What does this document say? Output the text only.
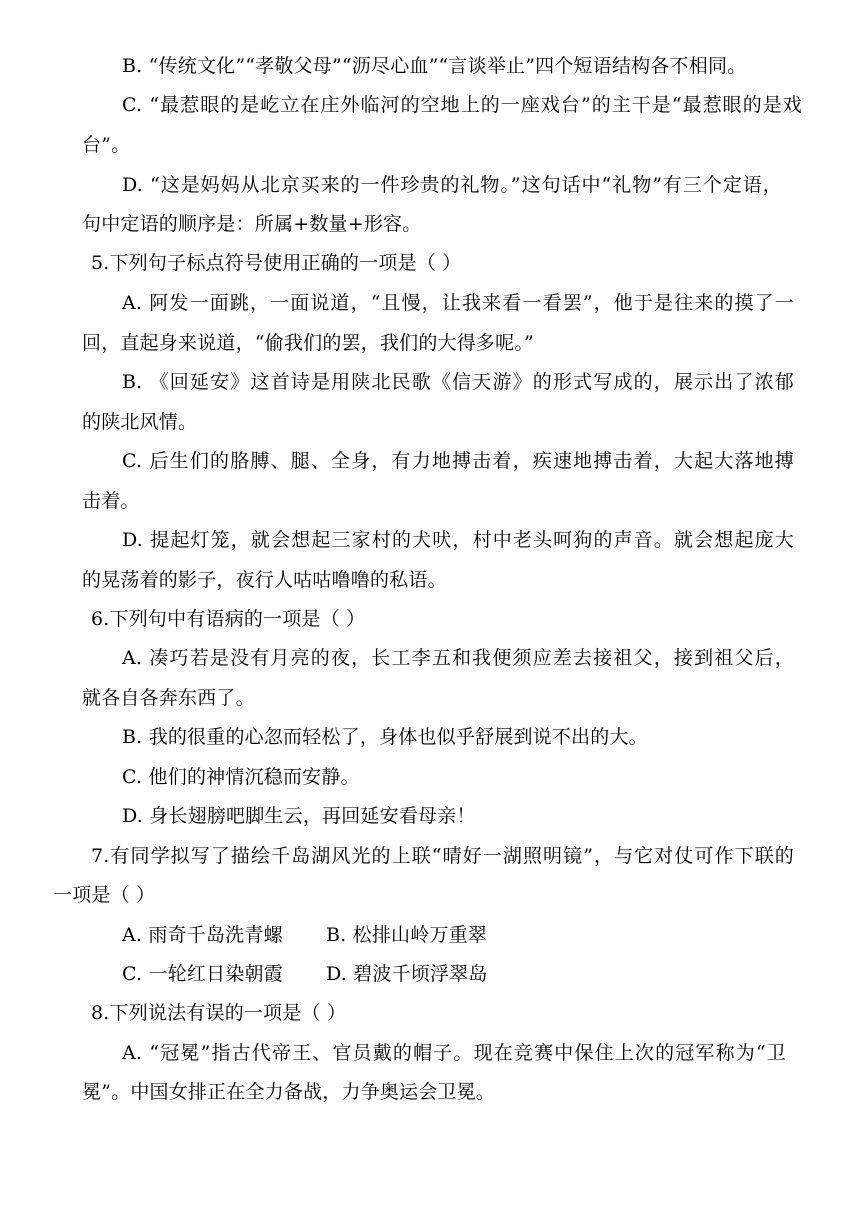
B. “传统文化”“孝敬父母”“沥尽心血”“言谈举止”四个短语结构各不相同。
C. “最惹眼的是屹立在庄外临河的空地上的一座戏台”的主干是“最惹眼的是戏
台”。
D. “这是妈妈从北京买来的一件珍贵的礼物。”这句话中“礼物”有三个定语，
句中定语的顺序是：所属+数量+形容。
5.下列句子标点符号使用正确的一项是（ ）
A. 阿发一面跳，一面说道，“且慢，让我来看一看罢”，他于是往来的摸了一
回，直起身来说道，“偷我们的罢，我们的大得多呢。”
B. 《回延安》这首诗是用陕北民歌《信天游》的形式写成的，展示出了浓郁
的陕北风情。
C. 后生们的胳膊、腿、全身，有力地搏击着，疾速地搏击着，大起大落地搏
击着。
D. 提起灯笼，就会想起三家村的犬吠，村中老头呵狗的声音。就会想起庞大
的晃荡着的影子，夜行人咕咕噜噜的私语。
6.下列句中有语病的一项是（ ）
A. 凑巧若是没有月亮的夜，长工李五和我便须应差去接祖父，接到祖父后，
就各自各奔东西了。
B. 我的很重的心忽而轻松了，身体也似乎舒展到说不出的大。
C. 他们的神情沉稳而安静。
D. 身长翅膀吧脚生云，再回延安看母亲！
7.有同学拟写了描绘千岛湖风光的上联“晴好一湖照明镜”，与它对仗可作下联的
一项是（ ）
A. 雨奇千岛洗青螺 B. 松排山岭万重翠
C. 一轮红日染朝霞 D. 碧波千顷浮翠岛
8.下列说法有误的一项是（ ）
A. “冠冕”指古代帝王、官员戴的帽子。现在竞赛中保住上次的冠军称为“卫
冕”。中国女排正在全力备战，力争奥运会卫冕。
